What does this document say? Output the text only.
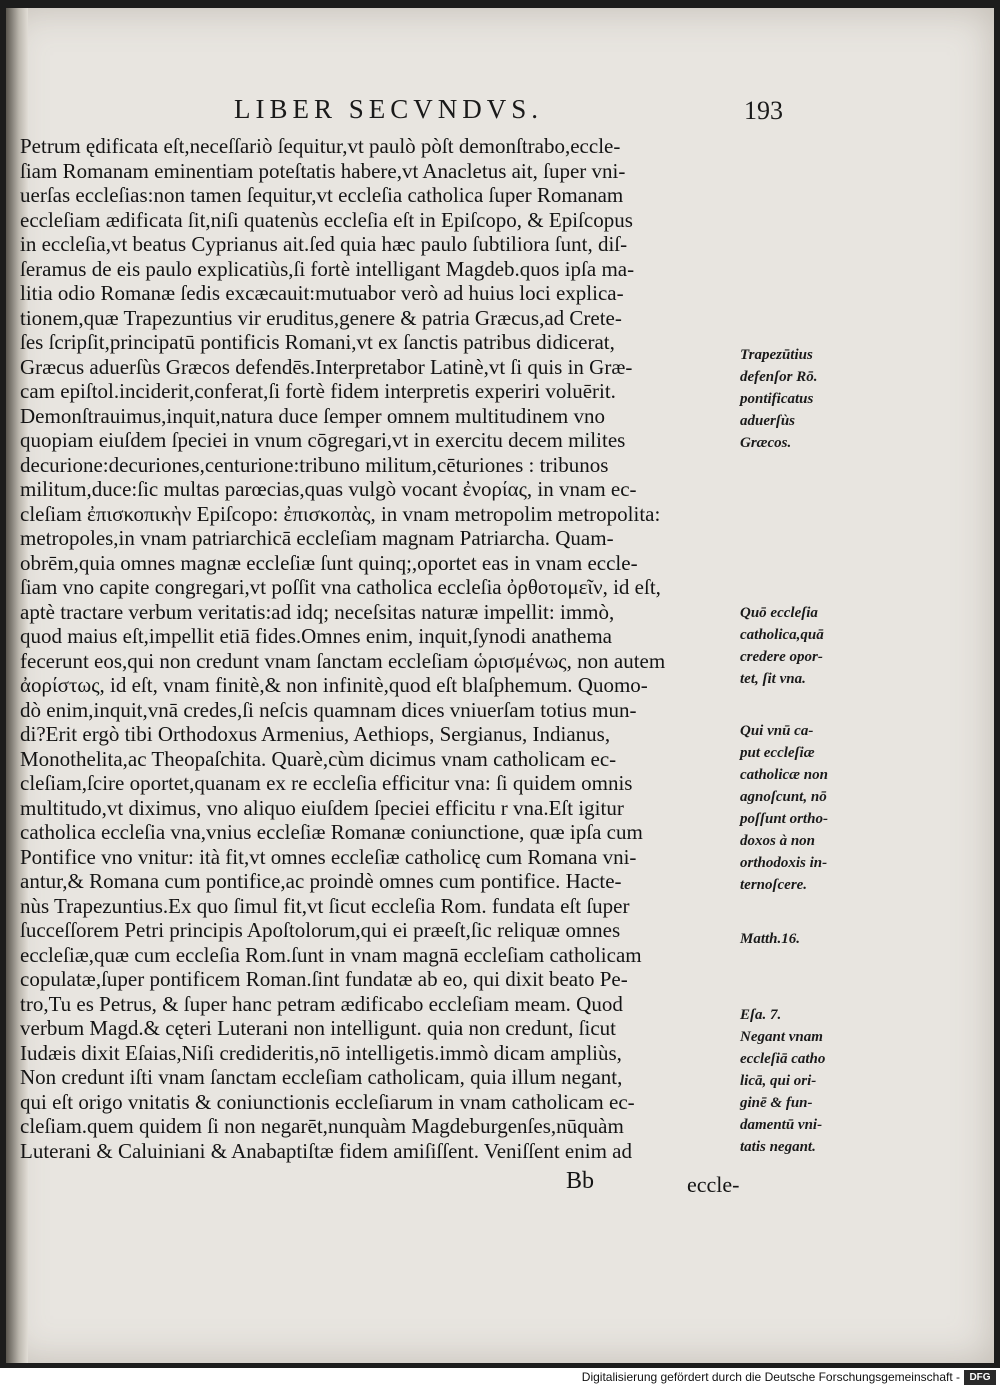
LIBER SECVNDVS.	193
Petrum ędificata eſt,neceſſariò ſequitur,vt paulò pòſt demonſtrabo,eccle-
ſiam Romanam eminentiam poteſtatis habere,vt Anacletus ait, ſuper vni-
uerſas eccleſias:non tamen ſequitur,vt eccleſia catholica ſuper Romanam
eccleſiam ædificata ſit,niſi quatenùs eccleſia eſt in Epiſcopo, & Epiſcopus
in eccleſia,vt beatus Cyprianus ait.ſed quia hæc paulo ſubtiliora ſunt, diſ-
ſeramus de eis paulo explicatiùs,ſi fortè intelligant Magdeb.quos ipſa ma-
litia odio Romanæ ſedis excæcauit:mutuabor verò ad huius loci explica-
tionem,quæ Trapezuntius vir eruditus,genere & patria Græcus,ad Crete-
ſes ſcripſit,principatū pontificis Romani,vt ex ſanctis patribus didicerat,
Græcus aduerſùs Græcos defendēs.Interpretabor Latinè,vt ſi quis in Græ-
cam epiſtol.inciderit,conferat,ſi fortè fidem interpretis experiri voluērit.
Demonſtrauimus,inquit,natura duce ſemper omnem multitudinem vno
quopiam eiuſdem ſpeciei in vnum cōgregari,vt in exercitu decem milites
decurione:decuriones,centurione:tribuno militum,cēturiones : tribunos
militum,duce:ſic multas parœcias,quas vulgò vocant ἐνορίας, in vnam ec-
cleſiam ἐπισκοπικὴν Epiſcopo: ἐπισκοπὰς, in vnam metropolim metropolita:
metropoles,in vnam patriarchicā eccleſiam magnam Patriarcha. Quam-
obrēm,quia omnes magnæ eccleſiæ ſunt quinq;,oportet eas in vnam eccle-
ſiam vno capite congregari,vt poſſit vna catholica eccleſia ὀρθοτομεῖν, id eſt,
aptè tractare verbum veritatis:ad idq; neceſsitas naturæ impellit: immò,
quod maius eſt,impellit etiā fides.Omnes enim, inquit,ſynodi anathema
fecerunt eos,qui non credunt vnam ſanctam eccleſiam ὡρισμένως, non autem
ἀορίστως, id eſt, vnam finitè,& non infinitè,quod eſt blaſphemum. Quomo-
dò enim,inquit,vnā credes,ſi neſcis quamnam dices vniuerſam totius mun-
di?Erit ergò tibi Orthodoxus Armenius, Aethiops, Sergianus, Indianus,
Monothelita,ac Theopaſchita. Quarè,cùm dicimus vnam catholicam ec-
cleſiam,ſcire oportet,quanam ex re eccleſia efficitur vna: ſi quidem omnis
multitudo,vt diximus, vno aliquo eiuſdem ſpeciei efficitu r vna.Eſt igitur
catholica eccleſia vna,vnius eccleſiæ Romanæ coniunctione, quæ ipſa cum
Pontifice vno vnitur: ità fit,vt omnes eccleſiæ catholicę cum Romana vni-
antur,& Romana cum pontifice,ac proindè omnes cum pontifice. Hacte-
nùs Trapezuntius.Ex quo ſimul fit,vt ſicut eccleſia Rom. fundata eſt ſuper
ſucceſſorem Petri principis Apoſtolorum,qui ei præeſt,ſic reliquæ omnes
eccleſiæ,quæ cum eccleſia Rom.ſunt in vnam magnā eccleſiam catholicam
copulatæ,ſuper pontificem Roman.ſint fundatæ ab eo, qui dixit beato Pe-
tro,Tu es Petrus, & ſuper hanc petram ædificabo eccleſiam meam. Quod
verbum Magd.& cęteri Luterani non intelligunt. quia non credunt, ſicut
Iudæis dixit Eſaias,Niſi credideritis,nō intelligetis.immò dicam ampliùs,
Non credunt iſti vnam ſanctam eccleſiam catholicam, quia illum negant,
qui eſt origo vnitatis & coniunctionis eccleſiarum in vnam catholicam ec-
cleſiam.quem quidem ſi non negarēt,nunquàm Magdeburgenſes,nūquàm
Luterani & Caluiniani & Anabaptiſtæ fidem amiſiſſent. Veniſſent enim ad
Trapezūtius
defenſor Rō.
pontificatus
aduerſùs
Græcos.
Quō eccleſia
catholica,quā
credere opor-
tet, ſit vna.
Qui vnū ca-
put eccleſiæ
catholicæ non
agnoſcunt, nō
poſſunt ortho-
doxos à non
orthodoxis in-
ternoſcere.
Matth.16.
Eſa. 7.
Negant vnam
eccleſiā catho
licā, qui ori-
ginē & fun-
damentū vni-
tatis negant.
Bb	eccle-
Digitalisierung gefördert durch die Deutsche Forschungsgemeinschaft - DFG
